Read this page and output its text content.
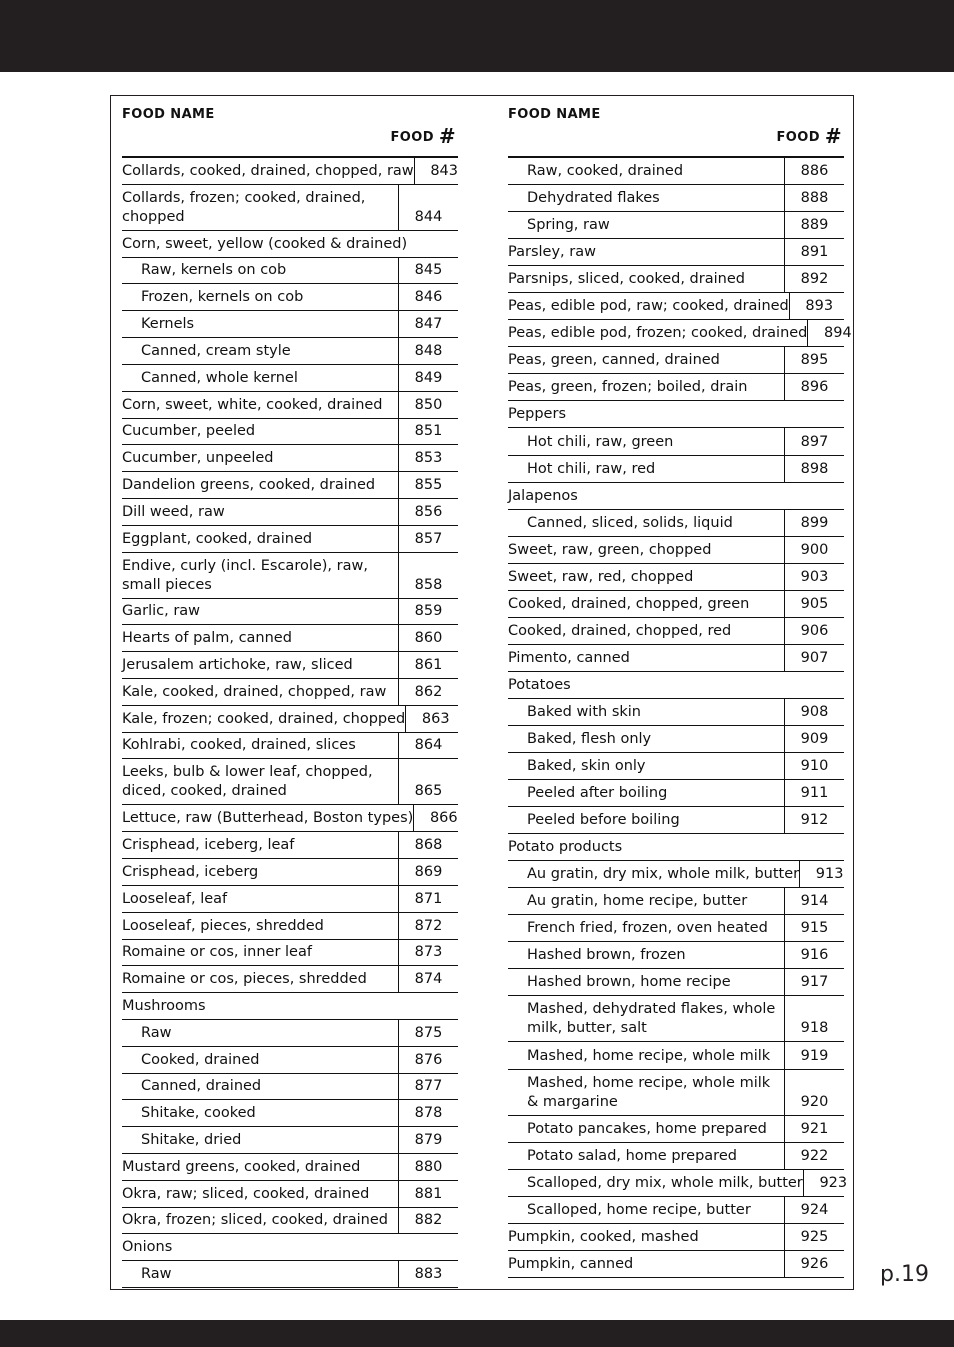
FOOD NAME
FOOD #
Collards, cooked, drained, chopped, raw	843
Collards, frozen; cooked, drained, chopped	844
Corn, sweet, yellow (cooked & drained)
Raw, kernels on cob	845
Frozen, kernels on cob	846
Kernels	847
Canned, cream style	848
Canned, whole kernel	849
Corn, sweet, white, cooked, drained	850
Cucumber, peeled	851
Cucumber, unpeeled	853
Dandelion greens, cooked, drained	855
Dill weed, raw	856
Eggplant, cooked, drained	857
Endive, curly (incl. Escarole), raw, small pieces	858
Garlic, raw	859
Hearts of palm, canned	860
Jerusalem artichoke, raw, sliced	861
Kale, cooked, drained, chopped, raw	862
Kale, frozen; cooked, drained, chopped	863
Kohlrabi, cooked, drained, slices	864
Leeks, bulb & lower leaf, chopped, diced, cooked, drained	865
Lettuce, raw (Butterhead, Boston types)	866
Crisphead, iceberg, leaf	868
Crisphead, iceberg	869
Looseleaf, leaf	871
Looseleaf, pieces, shredded	872
Romaine or cos, inner leaf	873
Romaine or cos, pieces, shredded	874
Mushrooms
Raw	875
Cooked, drained	876
Canned, drained	877
Shitake, cooked	878
Shitake, dried	879
Mustard greens, cooked, drained	880
Okra, raw; sliced, cooked, drained	881
Okra, frozen; sliced, cooked, drained	882
Onions
Raw	883
FOOD NAME
FOOD #
Raw, cooked, drained	886
Dehydrated flakes	888
Spring, raw	889
Parsley, raw	891
Parsnips, sliced, cooked, drained	892
Peas, edible pod, raw; cooked, drained	893
Peas, edible pod, frozen; cooked, drained	894
Peas, green, canned, drained	895
Peas, green, frozen; boiled, drain	896
Peppers
Hot chili, raw, green	897
Hot chili, raw, red	898
Jalapenos
Canned, sliced, solids, liquid	899
Sweet, raw, green, chopped	900
Sweet, raw, red, chopped	903
Cooked, drained, chopped, green	905
Cooked, drained, chopped, red	906
Pimento, canned	907
Potatoes
Baked with skin	908
Baked, flesh only	909
Baked, skin only	910
Peeled after boiling	911
Peeled before boiling	912
Potato products
Au gratin, dry mix, whole milk, butter	913
Au gratin, home recipe, butter	914
French fried, frozen, oven heated	915
Hashed brown, frozen	916
Hashed brown, home recipe	917
Mashed, dehydrated flakes, whole milk, butter, salt	918
Mashed, home recipe, whole milk	919
Mashed, home recipe, whole milk & margarine	920
Potato pancakes, home prepared	921
Potato salad, home prepared	922
Scalloped, dry mix, whole milk, butter	923
Scalloped, home recipe, butter	924
Pumpkin, cooked, mashed	925
Pumpkin, canned	926	p.19
